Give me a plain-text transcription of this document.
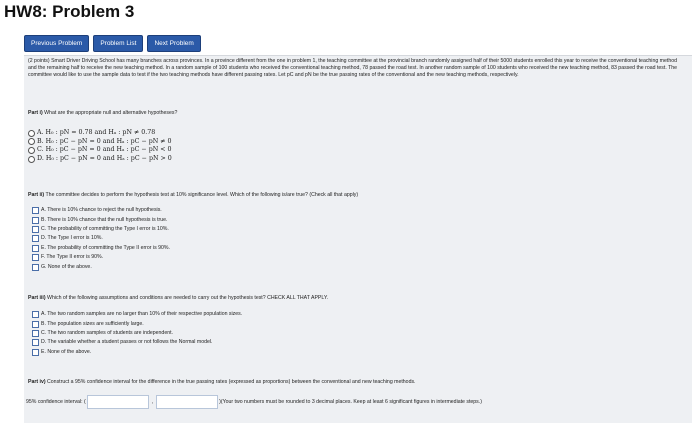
HW8: Problem 3
Previous Problem	Problem List	Next Problem
(2 points) Smart Driver Driving School has many branches across provinces. In a province different from the one in problem 1, the teaching committee at the provincial branch randomly assigned half of their 5000 students enrolled this year to receive the conventional teaching method and the remaining half to receive the new teaching method. In a random sample of 100 students who received the conventional teaching method, 78 passed the road test. In another random sample of 100 students who received the new teaching method, 83 passed the road test. The committee would like to use the sample data to test if the two teaching methods have different passing rates. Let pC and pN be the true passing rates of the conventional and the new teaching methods, respectively.
Part i) What are the appropriate null and alternative hypotheses?
A. H₀ : pN = 0.78 and Hₐ : pN ≠ 0.78
B. H₀ : pC − pN = 0 and Hₐ : pC − pN ≠ 0
C. H₀ : pC − pN = 0 and Hₐ : pC − pN < 0
D. H₀ : pC − pN = 0 and Hₐ : pC − pN > 0
Part ii) The committee decides to perform the hypothesis test at 10% significance level. Which of the following is/are true? (Check all that apply)
A. There is 10% chance to reject the null hypothesis.
B. There is 10% chance that the null hypothesis is true.
C. The probability of committing the Type I error is 10%.
D. The Type I error is 10%.
E. The probability of committing the Type II error is 90%.
F. The Type II error is 90%.
G. None of the above.
Part iii) Which of the following assumptions and conditions are needed to carry out the hypothesis test? CHECK ALL THAT APPLY.
A. The two random samples are no larger than 10% of their respective population sizes.
B. The population sizes are sufficiently large.
C. The two random samples of students are independent.
D. The variable whether a student passes or not follows the Normal model.
E. None of the above.
Part iv) Construct a 95% confidence interval for the difference in the true passing rates (expressed as proportions) between the conventional and new teaching methods.
95% confidence interval: (	,	) (Your two numbers must be rounded to 3 decimal places. Keep at least 6 significant figures in intermediate steps.)
